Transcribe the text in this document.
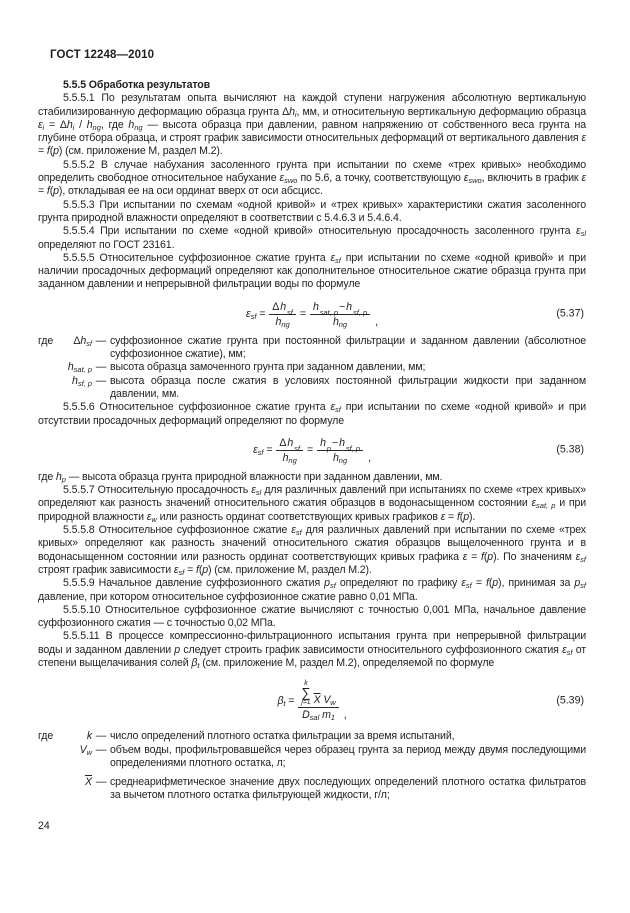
ГОСТ 12248—2010

5.5.5 Обработка результатов

5.5.5.1 По результатам опыта вычисляют на каждой ступени нагружения абсолютную вертикальную стабилизированную деформацию образца грунта $\Delta h_i$, мм, и относительную вертикальную деформацию образца $\varepsilon_i = \Delta h_i / h_{ng}$, где $h_{ng}$ — высота образца при давлении, равном напряжению от собственного веса грунта на глубине отбора образца, и строят график зависимости относительных деформаций от вертикального давления ε = f(p) (см. приложение М, раздел М.2).

5.5.5.2 В случае набухания засоленного грунта при испытании по схеме «трех кривых» необходимо определить свободное относительное набухание $\varepsilon_{swo}$ по 5.6, а точку, соответствующую $\varepsilon_{swo}$, включить в график ε = f(p), откладывая ее на оси ординат вверх от оси абсцисс.

5.5.5.3 При испытании по схемам «одной кривой» и «трех кривых» характеристики сжатия засоленного грунта природной влажности определяют в соответствии с 5.4.6.3 и 5.4.6.4.

5.5.5.4 При испытании по схеме «одной кривой» относительную просадочность засоленного грунта $\varepsilon_{sl}$ определяют по ГОСТ 23161.

5.5.5.5 Относительное суффозионное сжатие грунта $\varepsilon_{sf}$ при испытании по схеме «одной кривой» и при наличии просадочных деформаций определяют как дополнительное относительное сжатие образца грунта при заданном давлении и непрерывной фильтрации воды по формуле

$\varepsilon_{sf} = \frac{\text{Δ h sf}}{h_{ng}} = \frac{\text{h sat, p − h sf, p}}{h_{ng}}$ ,
(5.37)
где $\Delta h_{sf}$ — суффозионное сжатие грунта при постоянной фильтрации и заданном давлении (абсолютное суффозионное сжатие), мм;
$h_{sat, p}$ — высота образца замоченного грунта при заданном давлении, мм;
$h_{sf, p}$ — высота образца после сжатия в условиях постоянной фильтрации жидкости при заданном давлении, мм.

5.5.5.6 Относительное суффозионное сжатие грунта $\varepsilon_{sf}$ при испытании по схеме «одной кривой» и при отсутствии просадочных деформаций определяют по формуле

$\varepsilon_{sf} = \frac{\text{Δ h sf}}{h_{ng}} = \frac{\text{h p − h sf, p}}{h_{ng}}$ ,
(5.38)

где $h_p$ — высота образца грунта природной влажности при заданном давлении, мм.

5.5.5.7 Относительную просадочность $\varepsilon_{sl}$ для различных давлений при испытаниях по схеме «трех кривых» определяют как разность значений относительного сжатия образцов в водонасыщенном состоянии $\varepsilon_{sat, p}$ и при природной влажности $\varepsilon_w$ или разность ординат соответствующих кривых графиков ε = f(p).

5.5.5.8 Относительное суффозионное сжатие $\varepsilon_{sf}$ для различных давлений при испытании по схеме «трех кривых» определяют как разность значений относительного сжатия образцов выщелоченного грунта и в водонасыщенном состоянии или разность ординат соответствующих кривых графика ε = f(p). По значениям $\varepsilon_{sf}$ строят график зависимости $\varepsilon_{sf} = f(p)$ (см. приложение М, раздел М.2).

5.5.5.9 Начальное давление суффозионного сжатия $p_{sf}$ определяют по графику $\varepsilon_{sf} = f(p)$, принимая за $p_{sf}$ давление, при котором относительное суффозионное сжатие равно 0,01 МПа.

5.5.5.10 Относительное суффозионное сжатие вычисляют с точностью 0,001 МПа, начальное давление суффозионного сжатия — с точностью 0,02 МПа.

5.5.5.11 В процессе компрессионно-фильтрационного испытания грунта при непрерывной фильтрации воды и заданном давлении p следует строить график зависимости относительного суффозионного сжатия $\varepsilon_{sf}$ от степени выщелачивания солей $\beta_t$ (см. приложение М, раздел М.2), определяемой по формуле

$\beta_t$ =
k
∑
j=1 $\overline{X}$ $V_w$
$D_{sal}$ $m_1$ ,
(5.39)
где	k — число определений плотного остатка фильтрации за время испытаний,
$V_w$ — объем воды, профильтровавшейся через образец грунта за период между двумя последующими определениями плотного остатка, л;
$\overline{X}$ — среднеарифметическое значение двух последующих определений плотного остатка фильтратов за вычетом плотного остатка фильтрующей жидкости, г/л;
24
